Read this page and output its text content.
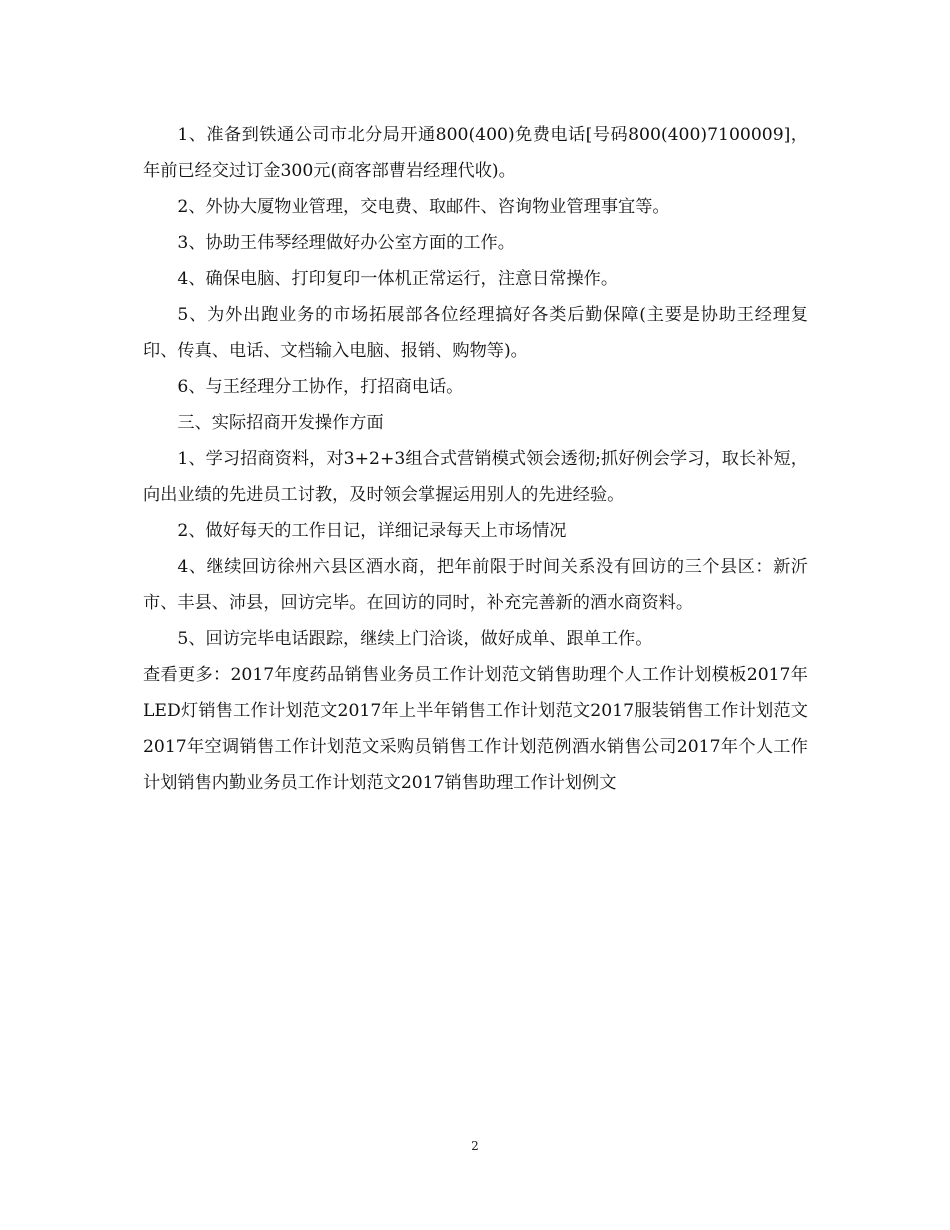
1、准备到铁通公司市北分局开通800(400)免费电话[号码800(400)7100009]，年前已经交过订金300元(商客部曹岩经理代收)。

2、外协大厦物业管理，交电费、取邮件、咨询物业管理事宜等。

3、协助王伟琴经理做好办公室方面的工作。

4、确保电脑、打印复印一体机正常运行，注意日常操作。

5、为外出跑业务的市场拓展部各位经理搞好各类后勤保障(主要是协助王经理复印、传真、电话、文档输入电脑、报销、购物等)。

6、与王经理分工协作，打招商电话。

三、实际招商开发操作方面

1、学习招商资料，对3+2+3组合式营销模式领会透彻;抓好例会学习，取长补短，向出业绩的先进员工讨教，及时领会掌握运用别人的先进经验。

2、做好每天的工作日记，详细记录每天上市场情况

4、继续回访徐州六县区酒水商，把年前限于时间关系没有回访的三个县区：新沂市、丰县、沛县，回访完毕。在回访的同时，补充完善新的酒水商资料。

5、回访完毕电话跟踪，继续上门洽谈，做好成单、跟单工作。

查看更多：2017年度药品销售业务员工作计划范文销售助理个人工作计划模板2017年LED灯销售工作计划范文2017年上半年销售工作计划范文2017服装销售工作计划范文2017年空调销售工作计划范文采购员销售工作计划范例酒水销售公司2017年个人工作计划销售内勤业务员工作计划范文2017销售助理工作计划例文

2
